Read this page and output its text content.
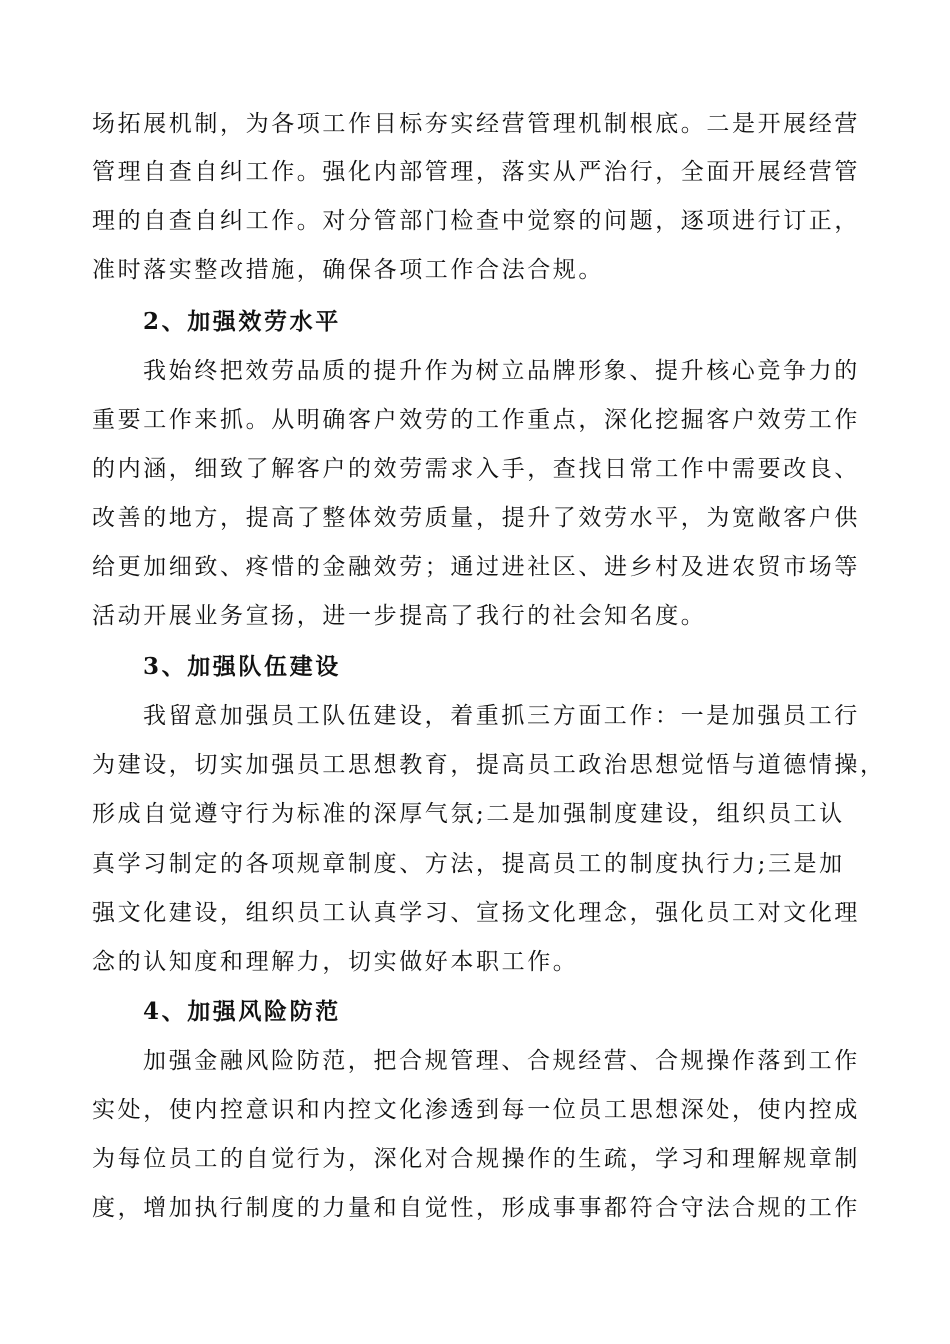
场拓展机制，为各项工作目标夯实经营管理机制根底。二是开展经营
管理自查自纠工作。强化内部管理，落实从严治行，全面开展经营管
理的自查自纠工作。对分管部门检查中觉察的问题，逐项进行订正，
准时落实整改措施，确保各项工作合法合规。
2、加强效劳水平
我始终把效劳品质的提升作为树立品牌形象、提升核心竞争力的
重要工作来抓。从明确客户效劳的工作重点，深化挖掘客户效劳工作
的内涵，细致了解客户的效劳需求入手，查找日常工作中需要改良、
改善的地方，提高了整体效劳质量，提升了效劳水平，为宽敞客户供
给更加细致、疼惜的金融效劳；通过进社区、进乡村及进农贸市场等
活动开展业务宣扬，进一步提高了我行的社会知名度。
3、加强队伍建设
我留意加强员工队伍建设，着重抓三方面工作：一是加强员工行
为建设，切实加强员工思想教育，提高员工政治思想觉悟与道德情操，
形成自觉遵守行为标准的深厚气氛;二是加强制度建设，组织员工认
真学习制定的各项规章制度、方法，提高员工的制度执行力;三是加
强文化建设，组织员工认真学习、宣扬文化理念，强化员工对文化理
念的认知度和理解力，切实做好本职工作。
4、加强风险防范
加强金融风险防范，把合规管理、合规经营、合规操作落到工作
实处，使内控意识和内控文化渗透到每一位员工思想深处，使内控成
为每位员工的自觉行为，深化对合规操作的生疏，学习和理解规章制
度，增加执行制度的力量和自觉性，形成事事都符合守法合规的工作
